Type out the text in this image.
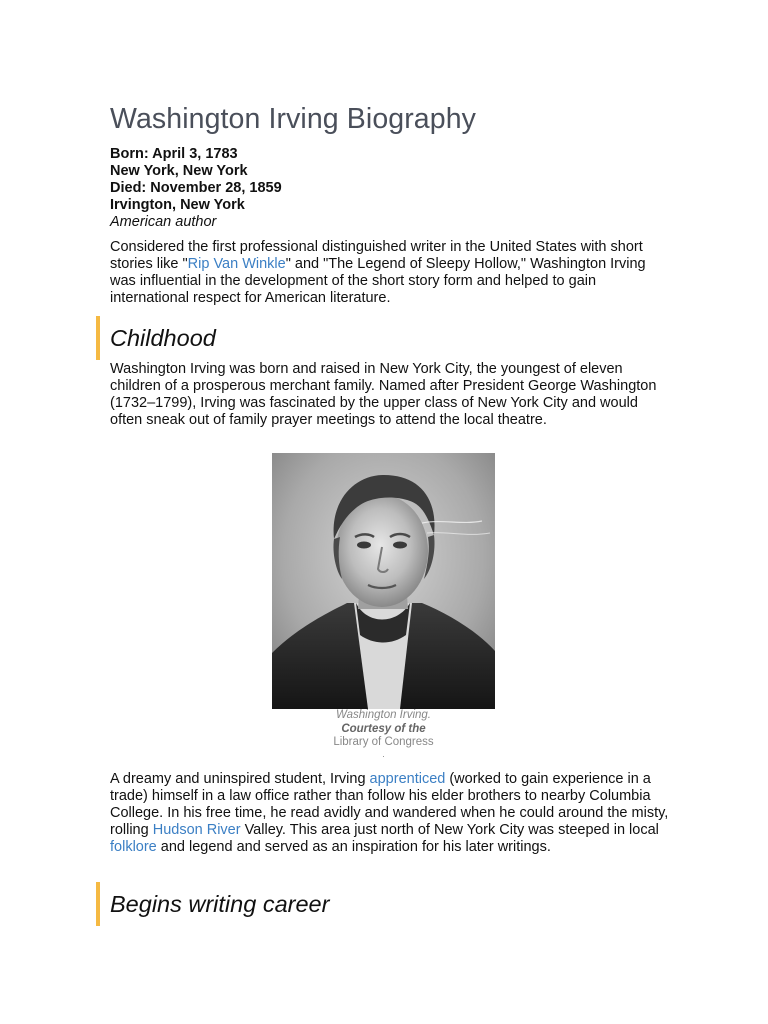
Washington Irving Biography
Born: April 3, 1783
New York, New York
Died: November 28, 1859
Irvington, New York
American author

Considered the first professional distinguished writer in the United States with short stories like "Rip Van Winkle" and "The Legend of Sleepy Hollow," Washington Irving was influential in the development of the short story form and helped to gain international respect for American literature.

Childhood

Washington Irving was born and raised in New York City, the youngest of eleven children of a prosperous merchant family. Named after President George Washington (1732–1799), Irving was fascinated by the upper class of New York City and would often sneak out of family prayer meetings to attend the local theatre.

Washington Irving.
Courtesy of the
Library of Congress
.

A dreamy and uninspired student, Irving apprenticed (worked to gain experience in a trade) himself in a law office rather than follow his elder brothers to nearby Columbia College. In his free time, he read avidly and wandered when he could around the misty, rolling Hudson River Valley. This area just north of New York City was steeped in local folklore and legend and served as an inspiration for his later writings.

Begins writing career
